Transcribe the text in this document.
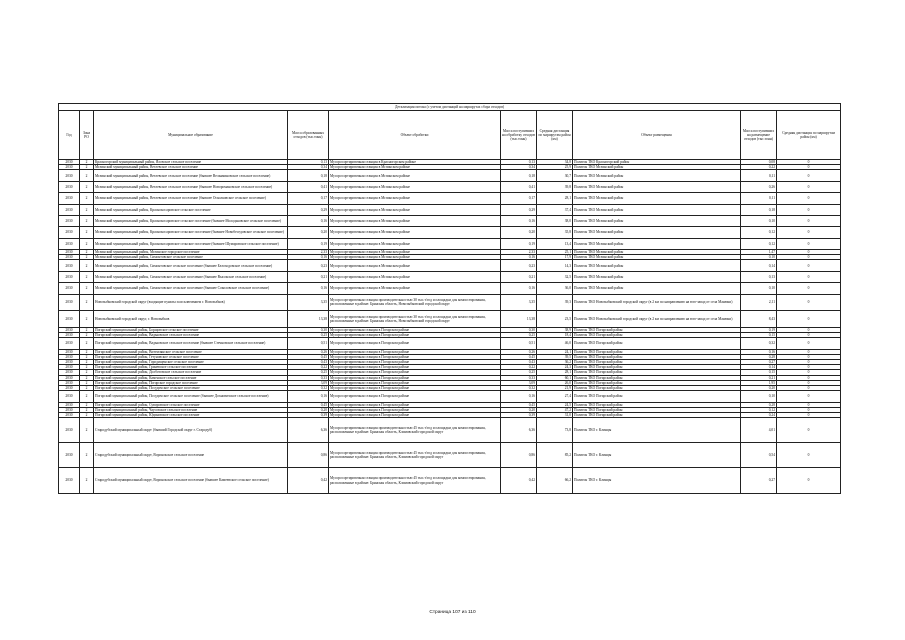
Детализация потока (с учетом дистанций на маршрутах сбора отходов)									
Год	Зона РО	Муниципальное образование	Масса образованных отходов (тыс.тонн)	Объект обработки	Масса поступивших на обработку отходов (тыс.тонн)	Средняя дистанция по маршрутам район (км)	Объект размещения	Масса поступивших на размещение отходов (тыс.тонн)	Средняя дистанция по маршрутам район (км)
2030	2	Красногорский муниципальный район, Яловское сельское поселение	0,13	Мусоросортировочная станция в Красногорском районе	0,13	34,8	Полигон ТКО Красногорский район	0,08	0
2030	2	Мглинский муниципальный район, Ветлевское сельское поселение	0,34	Мусоросортировочная станция в Мглинском районе	0,34	25,9	Полигон ТКО Мглинский район	0,22	0
2030	2	Мглинский муниципальный район, Ветлевское сельское поселение (бывшее Вельяминовское сельское поселение)	0,18	Мусоросортировочная станция в Мглинском районе	0,18	30,7	Полигон ТКО Мглинский район	0,11	0
2030	2	Мглинский муниципальный район, Ветлевское сельское поселение (бывшее Новоромановское сельское поселение)	0,41	Мусоросортировочная станция в Мглинском районе	0,41	39,8	Полигон ТКО Мглинский район	0,26	0
2030	2	Мглинский муниципальный район, Ветлевское сельское поселение (бывшее Осколковское сельское поселение)	0,17	Мусоросортировочная станция в Мглинском районе	0,17	28,1	Полигон ТКО Мглинский район	0,11	0
2030	2	Мглинский муниципальный район, Краснокосаровское сельское поселение	0,29	Мусоросортировочная станция в Мглинском районе	0,29	37,4	Полигон ТКО Мглинский район	0,18	0
2030	2	Мглинский муниципальный район, Краснокосаровское сельское поселение (бывшее Молодьковское сельское поселение)	0,16	Мусоросортировочная станция в Мглинском районе	0,16	38,0	Полигон ТКО Мглинский район	0,10	0
2030	2	Мглинский муниципальный район, Краснокосаровское сельское поселение (бывшее Новобеседовское сельское поселение)	0,20	Мусоросортировочная станция в Мглинском районе	0,20	35,8	Полигон ТКО Мглинский район	0,12	0
2030	2	Мглинский муниципальный район, Краснокосаровское сельское поселение (бывшее Шумаровское сельское поселение)	0,19	Мусоросортировочная станция в Мглинском районе	0,19	13,4	Полигон ТКО Мглинский район	0,12	0
2030	2	Мглинский муниципальный район, Мглинское городское поселение	2,33	Мусоросортировочная станция в Мглинском районе	2,33	25,1	Полигон ТКО Мглинский район	1,47	0
2030	2	Мглинский муниципальный район, Симонтовское сельское поселение	0,16	Мусоросортировочная станция в Мглинском районе	0,16	17,9	Полигон ТКО Мглинский район	0,10	0
2030	2	Мглинский муниципальный район, Симонтовское сельское поселение (бывшее Белоходовское сельское поселение)	0,23	Мусоросортировочная станция в Мглинском районе	0,23	14,3	Полигон ТКО Мглинский район	0,14	0
2030	2	Мглинский муниципальный район, Симонтовское сельское поселение (бывшее Высокское сельское поселение)	0,21	Мусоросортировочная станция в Мглинском районе	0,21	32,5	Полигон ТКО Мглинский район	0,13	0
2030	2	Мглинский муниципальный район, Симонтовское сельское поселение (бывшее Соколовское сельское поселение)	0,16	Мусоросортировочная станция в Мглинском районе	0,16	36,0	Полигон ТКО Мглинский район	0,10	0
2030	2	Новозыбковский городской округ (входящие пункты за исключением г. Новозыбков)	3,35	Мусоросортировочная станция производительностью 30 тыс.т/год и площадки для компостирования, расположенные в районе: Брянская область, Новозыбковский городской округ	3,35	39,3	Полигон ТКО Новозыбковский городской округ (в 2 км по направлению на юго-запад от села Манюки)	2,11	0
2030	2	Новозыбковский городской округ, г. Новозыбков	13,38	Мусоросортировочная станция производительностью 30 тыс.т/год и площадки для компостирования, расположенные в районе: Брянская область, Новозыбковский городской округ	13,38	23,5	Полигон ТКО Новозыбковский городской округ (в 2 км по направлению на юго-запад от села Манюки)	8,43	0
2030	2	Погарский муниципальный район, Борщовское сельское поселение	0,30	Мусоросортировочная станция в Погарском районе	0,30	38,9	Полигон ТКО Погарский район	0,19	0
2030	2	Погарский муниципальный район, Вадьковское сельское поселение	0,25	Мусоросортировочная станция в Погарском районе	0,25	18,4	Полигон ТКО Погарский район	0,15	0
2030	2	Погарский муниципальный район, Вадьковское сельское поселение (бывшее Стечновское сельское поселение)	0,51	Мусоросортировочная станция в Погарском районе	0,51	46,0	Полигон ТКО Погарский район	0,32	0
2030	2	Погарский муниципальный район, Витемлянское сельское поселение	0,26	Мусоросортировочная станция в Погарском районе	0,26	24,1	Полигон ТКО Погарский район	0,16	0
2030	2	Погарский муниципальный район, Гетуновское сельское поселение	0,45	Мусоросортировочная станция в Погарском районе	0,45	39,5	Полигон ТКО Погарский район	0,28	0
2030	2	Погарский муниципальный район, Городищенское сельское поселение	0,43	Мусоросортировочная станция в Погарском районе	0,43	36,2	Полигон ТКО Погарский район	0,27	0
2030	2	Погарский муниципальный район, Гриневское сельское поселение	0,22	Мусоросортировочная станция в Погарском районе	0,22	24,3	Полигон ТКО Погарский район	0,14	0
2030	2	Погарский муниципальный район, Долботовское сельское поселение	0,25	Мусоросортировочная станция в Погарском районе	0,25	28,1	Полигон ТКО Погарский район	0,15	0
2030	2	Погарский муниципальный район, Каменское сельское поселение	0,33	Мусоросортировочная станция в Погарском районе	0,33	60,1	Полигон ТКО Погарский район	0,21	0
2030	2	Погарский муниципальный район, Погарское городское поселение	3,09	Мусоросортировочная станция в Погарском районе	3,09	26,0	Полигон ТКО Погарский район	1,95	0
2030	2	Погарский муниципальный район, Посудичское сельское поселение	0,32	Мусоросортировочная станция в Погарском районе	0,32	21,9	Полигон ТКО Погарский район	0,20	0
2030	2	Погарский муниципальный район, Посудичское сельское поселение (бывшее Дохновичское сельское поселение)	0,16	Мусоросортировочная станция в Погарском районе	0,16	27,4	Полигон ТКО Погарский район	0,10	0
2030	2	Погарский муниципальный район, Суворовское сельское поселение	0,45	Мусоросортировочная станция в Погарском районе	0,45	24,5	Полигон ТКО Погарский район	0,28	0
2030	2	Погарский муниципальный район, Чаусовское сельское поселение	0,20	Мусоросортировочная станция в Погарском районе	0,20	47,2	Полигон ТКО Погарский район	0,12	0
2030	2	Погарский муниципальный район, Юдиновское сельское поселение	0,39	Мусоросортировочная станция в Погарском районе	0,39	31,0	Полигон ТКО Погарский район	0,24	0
2030	2	Стародубский муниципальный округ (бывший Городской округ г. Стародуб)	6,36	Мусоросортировочная станция производительностью 45 тыс.т/год и площадки для компостирования, расположенные в районе: Брянская область, Климовский городской округ	6,36	73,8	Полигон ТКО г. Клинцы	4,01	0
2030	2	Стародубский муниципальный округ, Воронокское сельское поселение	0,86	Мусоросортировочная станция производительностью 45 тыс.т/год и площадки для компостирования, расположенные в районе: Брянская область, Климовский городской округ	0,86	85,2	Полигон ТКО г. Клинцы	0,54	0
2030	2	Стародубский муниципальный округ, Воронокское сельское поселение (бывшее Камеевское сельское поселение)	0,42	Мусоросортировочная станция производительностью 45 тыс.т/год и площадки для компостирования, расположенные в районе: Брянская область, Климовский городской округ	0,42	66,2	Полигон ТКО г. Клинцы	0,27	0
Страница 107 из 110
